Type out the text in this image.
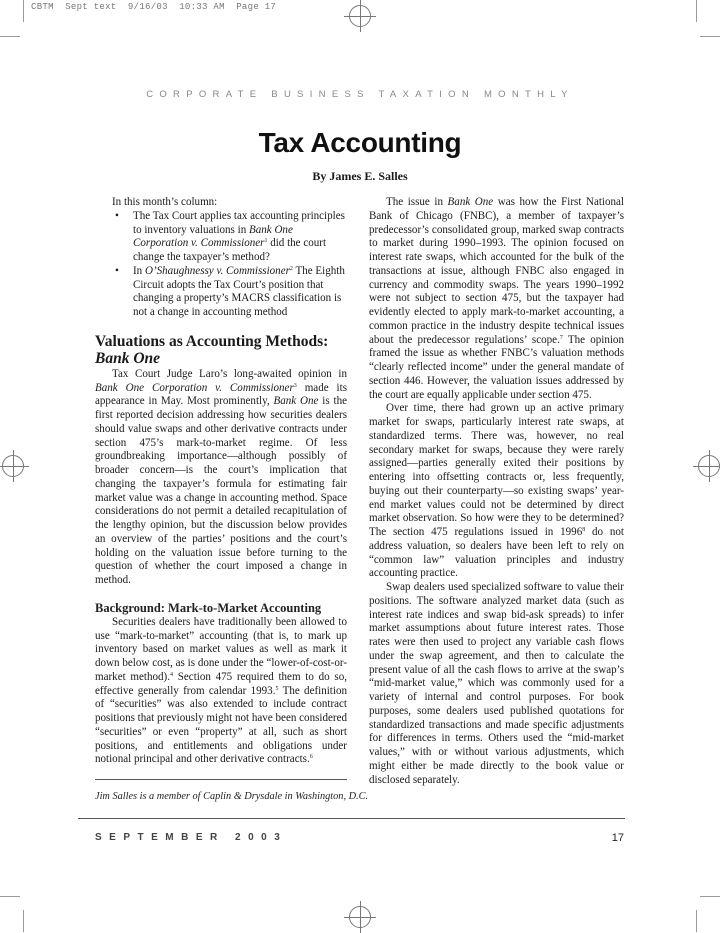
CBTM  Sept text  9/16/03  10:33 AM  Page 17
CORPORATE BUSINESS TAXATION MONTHLY
Tax Accounting
By James E. Salles
In this month’s column:
• The Tax Court applies tax accounting principles to inventory valuations in Bank One Corporation v. Commissioner$^1$ did the court change the taxpayer’s method?
• In O’Shaughnessy v. Commissioner$^2$ The Eighth Circuit adopts the Tax Court’s position that changing a property’s MACRS classification is not a change in accounting method
Valuations as Accounting Methods:
Bank One

Tax Court Judge Laro’s long-awaited opinion in Bank One Corporation v. Commissioner$^3$ made its appearance in May. Most prominently, Bank One is the first reported decision addressing how securities dealers should value swaps and other derivative contracts under section 475’s mark-to-market regime. Of less groundbreaking importance—although possibly of broader concern—is the court’s implication that changing the taxpayer’s formula for estimating fair market value was a change in accounting method. Space considerations do not permit a detailed recapitulation of the lengthy opinion, but the discussion below provides an overview of the parties’ positions and the court’s holding on the valuation issue before turning to the question of whether the court imposed a change in method.

Background: Mark-to-Market Accounting

Securities dealers have traditionally been allowed to use “mark-to-market” accounting (that is, to mark up inventory based on market values as well as mark it down below cost, as is done under the “lower-of-cost-or-market method).$^4$ Section 475 required them to do so, effective generally from calendar 1993.$^5$ The definition of “securities” was also extended to include contract positions that previously might not have been considered “securities” or even “property” at all, such as short positions, and entitlements and obligations under notional principal and other derivative contracts.$^6$

Jim Salles is a member of Caplin & Drysdale in Washington, D.C.

The issue in Bank One was how the First National Bank of Chicago (FNBC), a member of taxpayer’s predecessor’s consolidated group, marked swap contracts to market during 1990–1993. The opinion focused on interest rate swaps, which accounted for the bulk of the transactions at issue, although FNBC also engaged in currency and commodity swaps. The years 1990–1992 were not subject to section 475, but the taxpayer had evidently elected to apply mark-to-market accounting, a common practice in the industry despite technical issues about the predecessor regulations’ scope.$^7$ The opinion framed the issue as whether FNBC’s valuation methods “clearly reflected income” under the general mandate of section 446. However, the valuation issues addressed by the court are equally applicable under section 475.

Over time, there had grown up an active primary market for swaps, particularly interest rate swaps, at standardized terms. There was, however, no real secondary market for swaps, because they were rarely assigned—parties generally exited their positions by entering into offsetting contracts or, less frequently, buying out their counterparty—so existing swaps’ year-end market values could not be determined by direct market observation. So how were they to be determined? The section 475 regulations issued in 1996$^8$ do not address valuation, so dealers have been left to rely on “common law” valuation principles and industry accounting practice.

Swap dealers used specialized software to value their positions. The software analyzed market data (such as interest rate indices and swap bid-ask spreads) to infer market assumptions about future interest rates. Those rates were then used to project any variable cash flows under the swap agreement, and then to calculate the present value of all the cash flows to arrive at the swap’s “mid-market value,” which was commonly used for a variety of internal and control purposes. For book purposes, some dealers used published quotations for standardized transactions and made specific adjustments for differences in terms. Others used the “mid-market values,” with or without various adjustments, which might either be made directly to the book value or disclosed separately.

SEPTEMBER 2003	17
